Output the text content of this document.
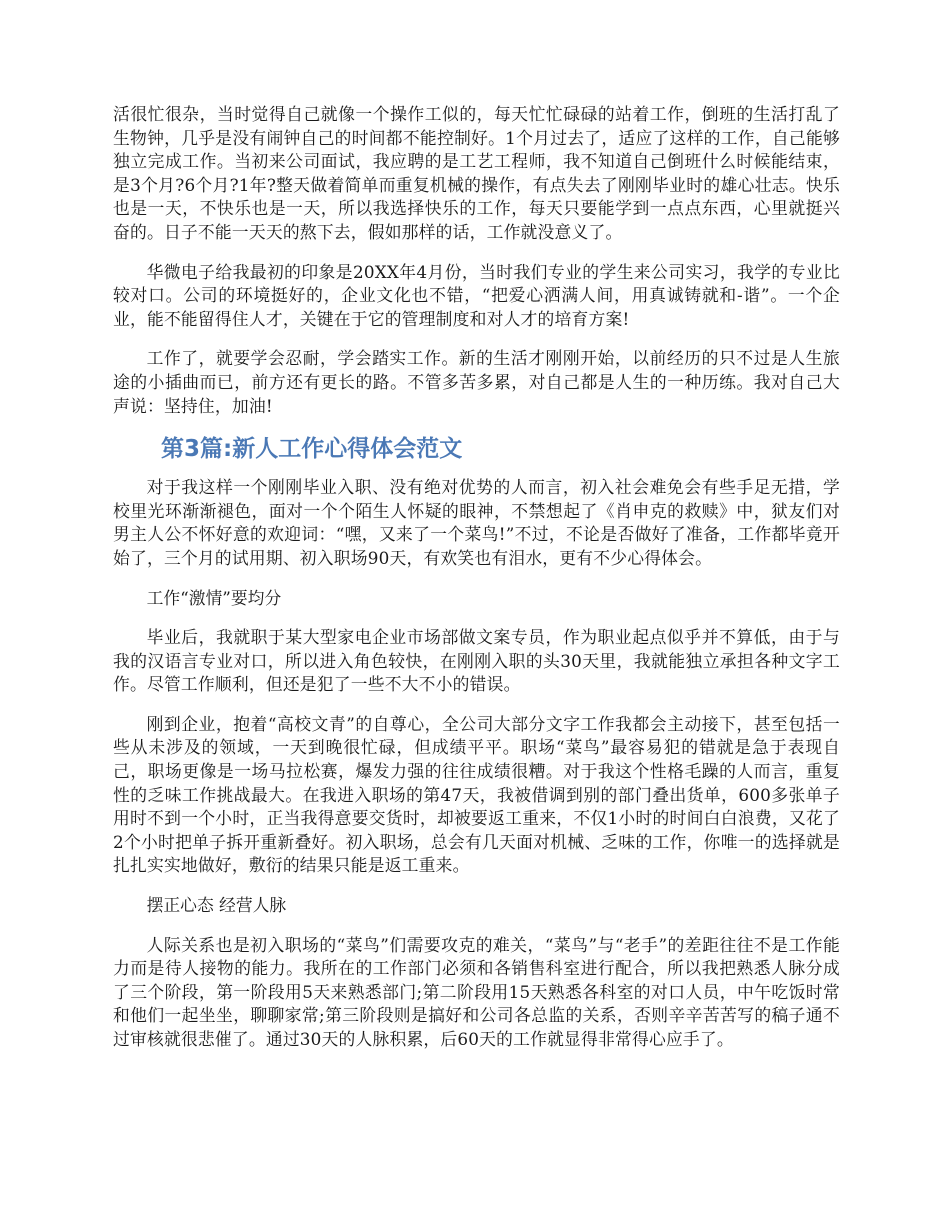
活很忙很杂，当时觉得自己就像一个操作工似的，每天忙忙碌碌的站着工作，倒班的生活打乱了生物钟，几乎是没有闹钟自己的时间都不能控制好。1个月过去了，适应了这样的工作，自己能够独立完成工作。当初来公司面试，我应聘的是工艺工程师，我不知道自己倒班什么时候能结束，是3个月?6个月?1年?整天做着简单而重复机械的操作，有点失去了刚刚毕业时的雄心壮志。快乐也是一天，不快乐也是一天，所以我选择快乐的工作，每天只要能学到一点点东西，心里就挺兴奋的。日子不能一天天的熬下去，假如那样的话，工作就没意义了。

华微电子给我最初的印象是20XX年4月份，当时我们专业的学生来公司实习，我学的专业比较对口。公司的环境挺好的，企业文化也不错，“把爱心洒满人间，用真诚铸就和-谐”。一个企业，能不能留得住人才，关键在于它的管理制度和对人才的培育方案!

工作了，就要学会忍耐，学会踏实工作。新的生活才刚刚开始，以前经历的只不过是人生旅途的小插曲而已，前方还有更长的路。不管多苦多累，对自己都是人生的一种历练。我对自己大声说：坚持住，加油!

第3篇:新人工作心得体会范文

对于我这样一个刚刚毕业入职、没有绝对优势的人而言，初入社会难免会有些手足无措，学校里光环渐渐褪色，面对一个个陌生人怀疑的眼神，不禁想起了《肖申克的救赎》中，狱友们对男主人公不怀好意的欢迎词：“嘿，又来了一个菜鸟!”不过，不论是否做好了准备，工作都毕竟开始了，三个月的试用期、初入职场90天，有欢笑也有泪水，更有不少心得体会。

工作“激情”要均分

毕业后，我就职于某大型家电企业市场部做文案专员，作为职业起点似乎并不算低，由于与我的汉语言专业对口，所以进入角色较快，在刚刚入职的头30天里，我就能独立承担各种文字工作。尽管工作顺利，但还是犯了一些不大不小的错误。

刚到企业，抱着“高校文青”的自尊心，全公司大部分文字工作我都会主动接下，甚至包括一些从未涉及的领域，一天到晚很忙碌，但成绩平平。职场“菜鸟”最容易犯的错就是急于表现自己，职场更像是一场马拉松赛，爆发力强的往往成绩很糟。对于我这个性格毛躁的人而言，重复性的乏味工作挑战最大。在我进入职场的第47天，我被借调到别的部门叠出货单，600多张单子用时不到一个小时，正当我得意要交货时，却被要返工重来，不仅1小时的时间白白浪费，又花了2个小时把单子拆开重新叠好。初入职场，总会有几天面对机械、乏味的工作，你唯一的选择就是扎扎实实地做好，敷衍的结果只能是返工重来。

摆正心态 经营人脉

人际关系也是初入职场的“菜鸟”们需要攻克的难关，“菜鸟”与“老手”的差距往往不是工作能力而是待人接物的能力。我所在的工作部门必须和各销售科室进行配合，所以我把熟悉人脉分成了三个阶段，第一阶段用5天来熟悉部门;第二阶段用15天熟悉各科室的对口人员，中午吃饭时常和他们一起坐坐，聊聊家常;第三阶段则是搞好和公司各总监的关系，否则辛辛苦苦写的稿子通不过审核就很悲催了。通过30天的人脉积累，后60天的工作就显得非常得心应手了。
